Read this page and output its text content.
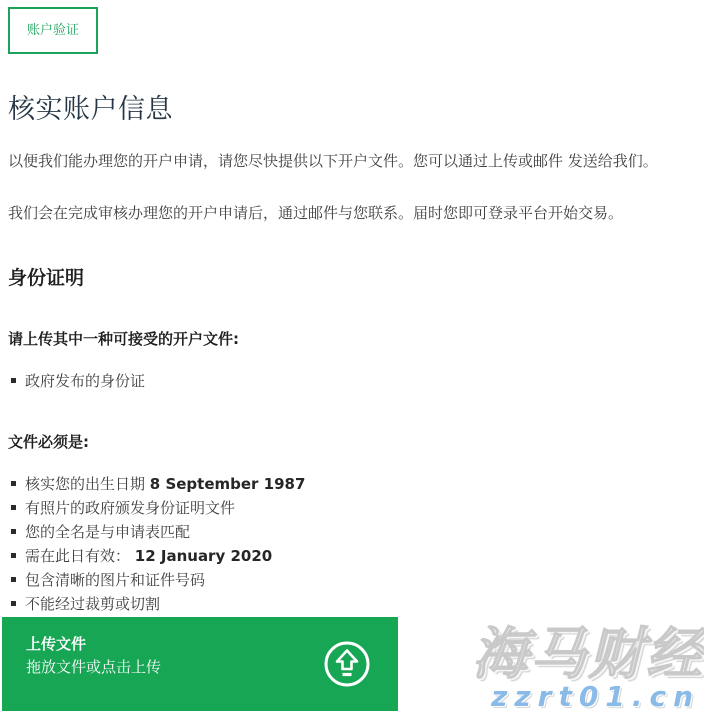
账户验证
核实账户信息

以便我们能办理您的开户申请，请您尽快提供以下开户文件。您可以通过上传或邮件 发送给我们。

我们会在完成审核办理您的开户申请后，通过邮件与您联系。届时您即可登录平台开始交易。

身份证明
请上传其中一种可接受的开户文件:
政府发布的身份证
文件必须是:
核实您的出生日期 8 September 1987
有照片的政府颁发身份证明文件
您的全名是与申请表匹配
需在此日有效： 12 January 2020
包含清晰的图片和证件号码
不能经过裁剪或切割
上传文件
拖放文件或点击上传	海马财经
zzrt01.cn
